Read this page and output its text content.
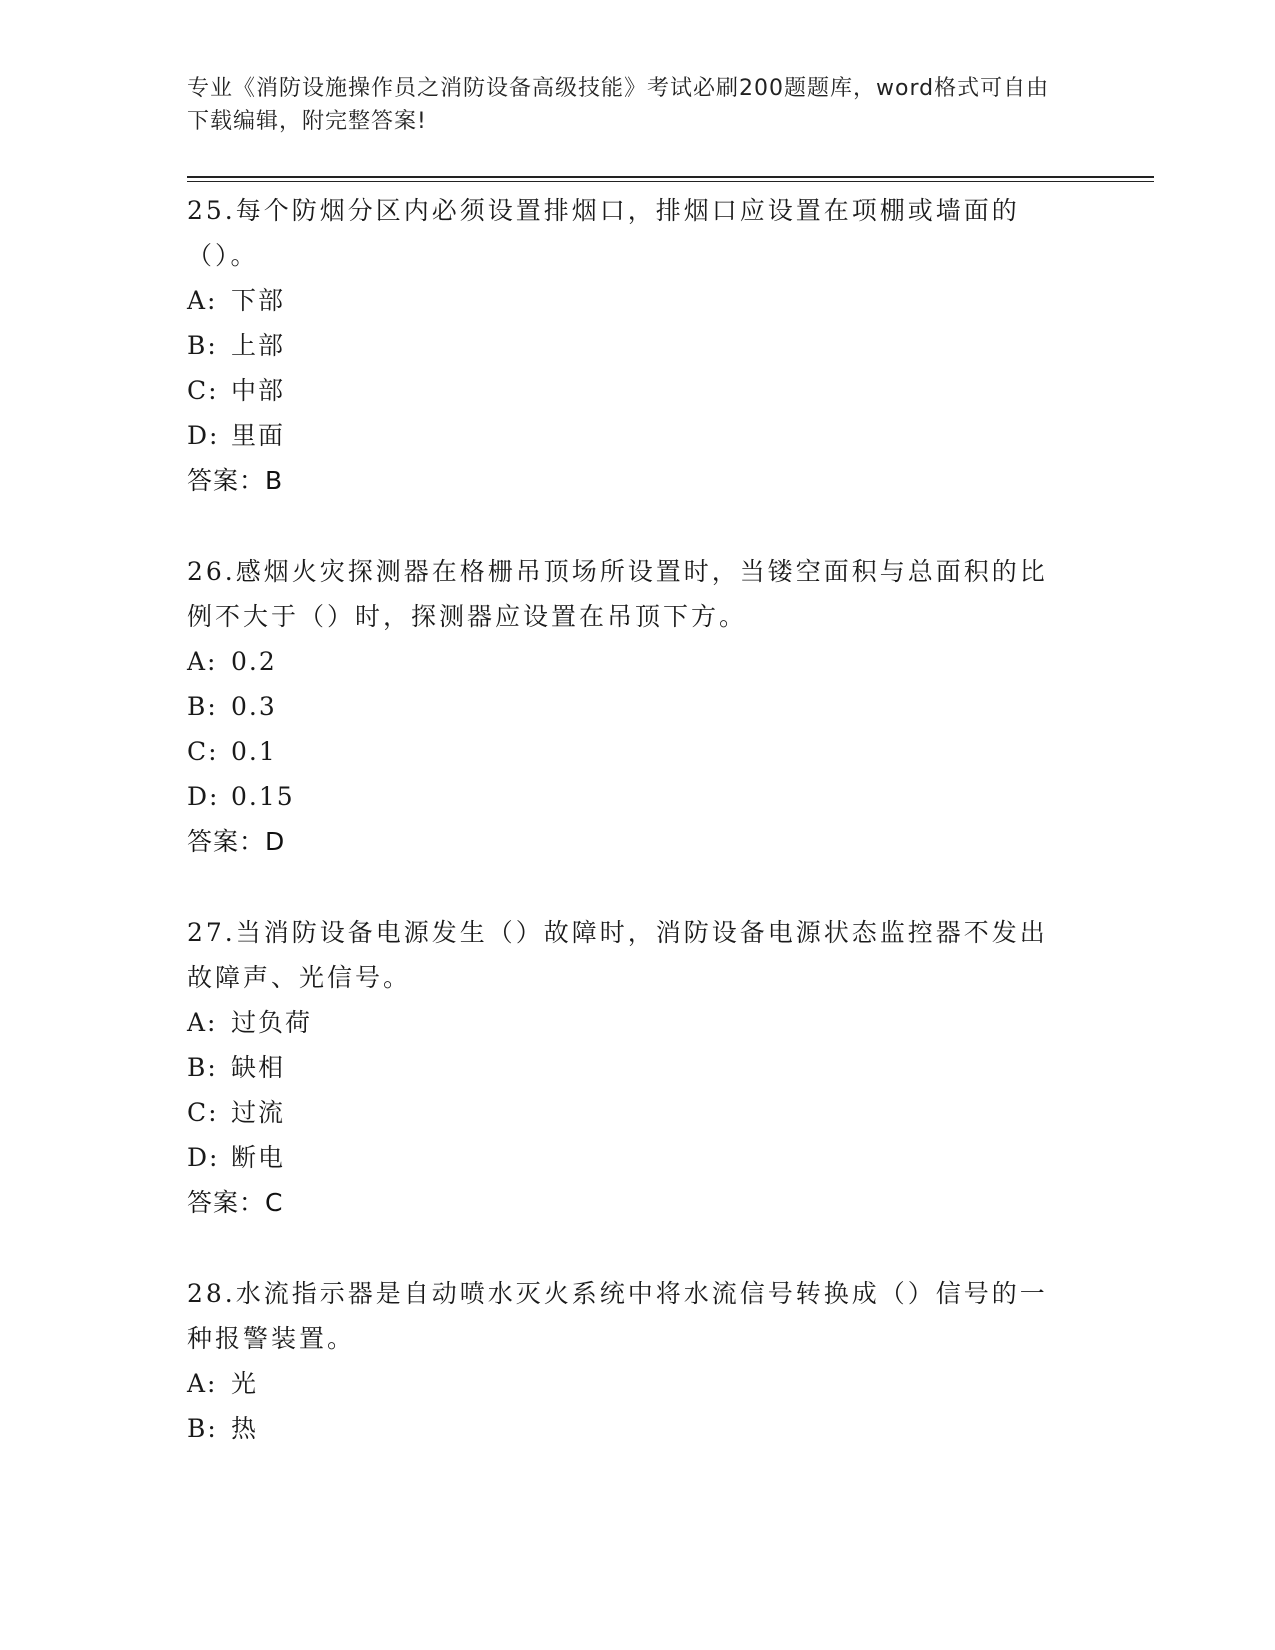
专业《消防设施操作员之消防设备高级技能》考试必刷200题题库，word格式可自由下载编辑，附完整答案!

25.每个防烟分区内必须设置排烟口，排烟口应设置在项棚或墙面的（）。

A: 下部
B: 上部
C: 中部
D: 里面
答案：B

26.感烟火灾探测器在格栅吊顶场所设置时，当镂空面积与总面积的比例不大于（）时，探测器应设置在吊顶下方。

A: 0.2
B: 0.3
C: 0.1
D: 0.15
答案：D

27.当消防设备电源发生（）故障时，消防设备电源状态监控器不发出故障声、光信号。

A: 过负荷
B: 缺相
C: 过流
D: 断电
答案：C

28.水流指示器是自动喷水灭火系统中将水流信号转换成（）信号的一种报警装置。

A: 光
B: 热
